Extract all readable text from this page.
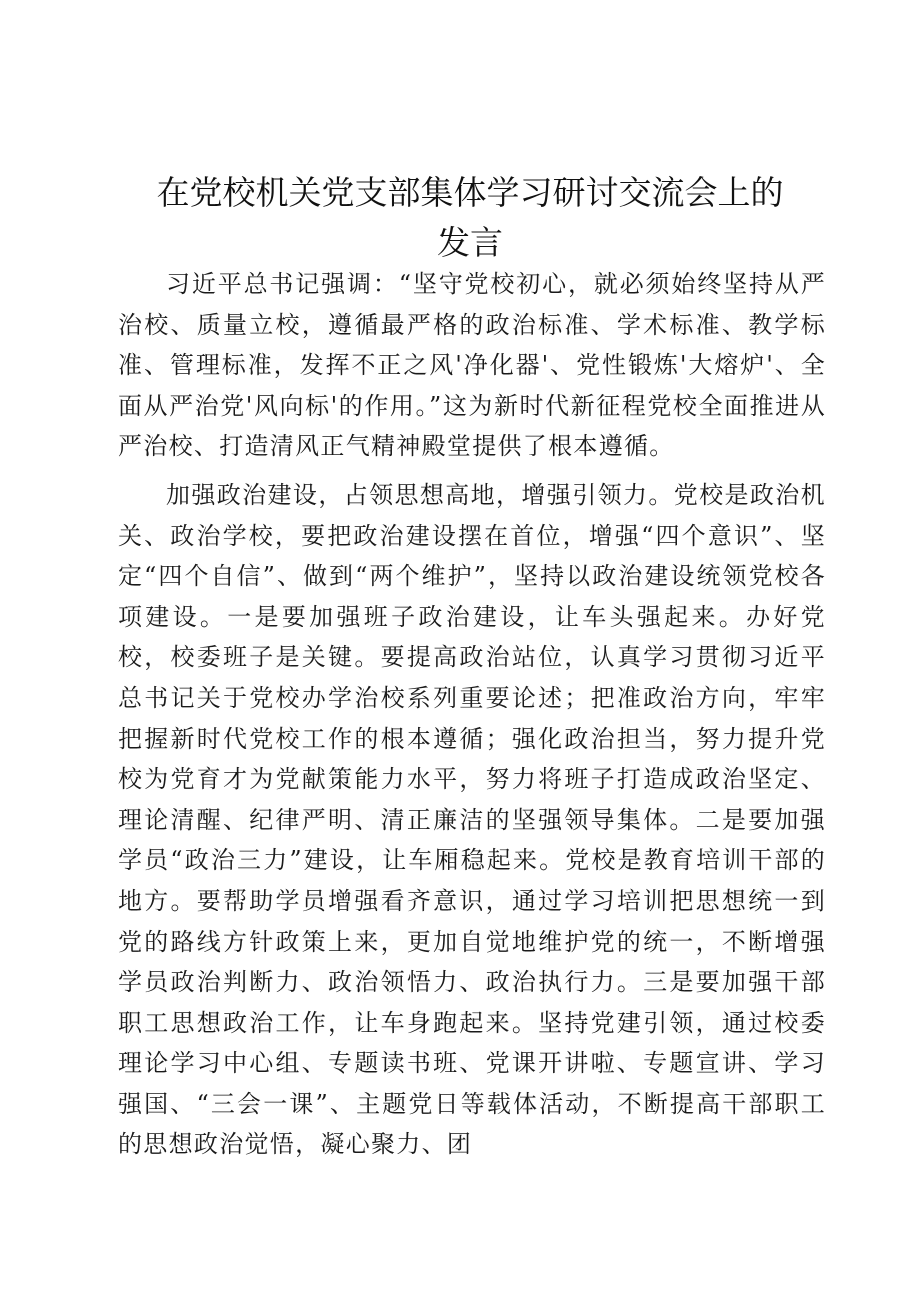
在党校机关党支部集体学习研讨交流会上的发言

习近平总书记强调：“坚守党校初心，就必须始终坚持从严治校、质量立校，遵循最严格的政治标准、学术标准、教学标准、管理标准，发挥不正之风'净化器'、党性锻炼'大熔炉'、全面从严治党'风向标'的作用。”这为新时代新征程党校全面推进从严治校、打造清风正气精神殿堂提供了根本遵循。

加强政治建设，占领思想高地，增强引领力。党校是政治机关、政治学校，要把政治建设摆在首位，增强“四个意识”、坚定“四个自信”、做到“两个维护”，坚持以政治建设统领党校各项建设。一是要加强班子政治建设，让车头强起来。办好党校，校委班子是关键。要提高政治站位，认真学习贯彻习近平总书记关于党校办学治校系列重要论述；把准政治方向，牢牢把握新时代党校工作的根本遵循；强化政治担当，努力提升党校为党育才为党献策能力水平，努力将班子打造成政治坚定、理论清醒、纪律严明、清正廉洁的坚强领导集体。二是要加强学员“政治三力”建设，让车厢稳起来。党校是教育培训干部的地方。要帮助学员增强看齐意识，通过学习培训把思想统一到党的路线方针政策上来，更加自觉地维护党的统一，不断增强学员政治判断力、政治领悟力、政治执行力。三是要加强干部职工思想政治工作，让车身跑起来。坚持党建引领，通过校委理论学习中心组、专题读书班、党课开讲啦、专题宣讲、学习强国、“三会一课”、主题党日等载体活动，不断提高干部职工的思想政治觉悟，凝心聚力、团
